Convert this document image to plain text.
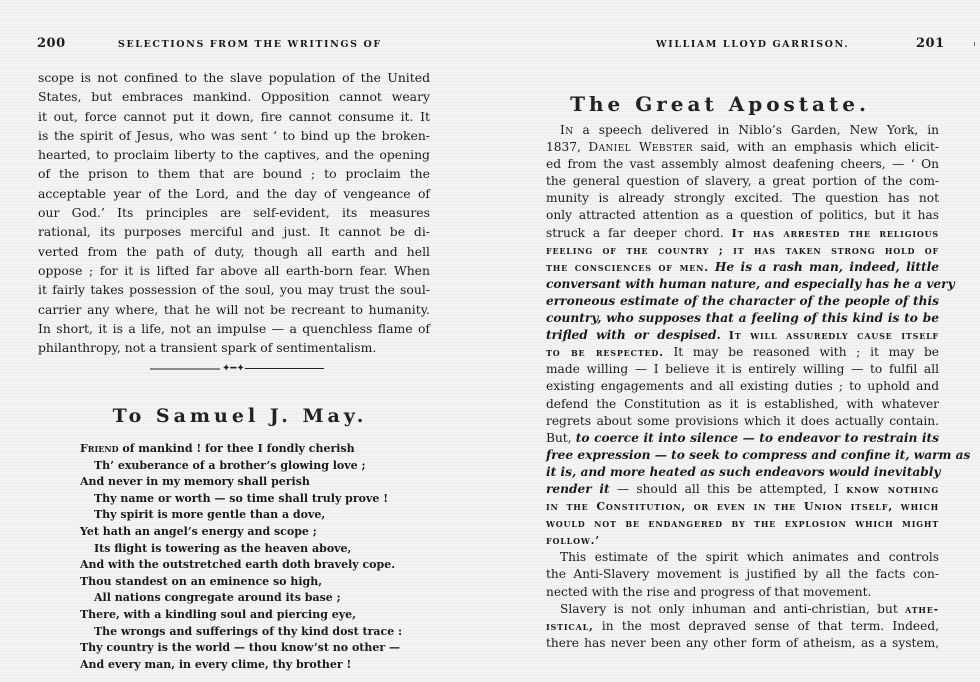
200	SELECTIONS FROM THE WRITINGS OF
scope is not confined to the slave population of the United
States, but embraces mankind. Opposition cannot weary
it out, force cannot put it down, fire cannot consume it. It
is the spirit of Jesus, who was sent ‘ to bind up the broken-
hearted, to proclaim liberty to the captives, and the opening
of the prison to them that are bound ; to proclaim the
acceptable year of the Lord, and the day of vengeance of
our God.’ Its principles are self-evident, its measures
rational, its purposes merciful and just. It cannot be di-
verted from the path of duty, though all earth and hell
oppose ; for it is lifted far above all earth-born fear. When
it fairly takes possession of the soul, you may trust the soul-
carrier any where, that he will not be recreant to humanity.
In short, it is a life, not an impulse — a quenchless flame of
philanthropy, not a transient spark of sentimentalism.
✦━✦
To Samuel J. May.
Friend of mankind ! for thee I fondly cherish
Th’ exuberance of a brother’s glowing love ;
And never in my memory shall perish
Thy name or worth — so time shall truly prove !
Thy spirit is more gentle than a dove,
Yet hath an angel’s energy and scope ;
Its flight is towering as the heaven above,
And with the outstretched earth doth bravely cope.
Thou standest on an eminence so high,
All nations congregate around its base ;
There, with a kindling soul and piercing eye,
The wrongs and sufferings of thy kind dost trace :
Thy country is the world — thou know’st no other —
And every man, in every clime, thy brother !
WILLIAM LLOYD GARRISON.	201
The Great Apostate.
In a speech delivered in Niblo’s Garden, New York, in
1837, Daniel Webster said, with an emphasis which elicit-
ed from the vast assembly almost deafening cheers, — ‘ On
the general question of slavery, a great portion of the com-
munity is already strongly excited. The question has not
only attracted attention as a question of politics, but it has
struck a far deeper chord. It has arrested the religious
feeling of the country ; it has taken strong hold of
the consciences of men. He is a rash man, indeed, little
conversant with human nature, and especially has he a very
erroneous estimate of the character of the people of this
country, who supposes that a feeling of this kind is to be
trifled with or despised. It will assuredly cause itself
to be respected. It may be reasoned with ; it may be
made willing — I believe it is entirely willing — to fulfil all
existing engagements and all existing duties ; to uphold and
defend the Constitution as it is established, with whatever
regrets about some provisions which it does actually contain.
But, to coerce it into silence — to endeavor to restrain its
free expression — to seek to compress and confine it, warm as
it is, and more heated as such endeavors would inevitably
render it — should all this be attempted, I know nothing
in the Constitution, or even in the Union itself, which
would not be endangered by the explosion which might
follow.’
This estimate of the spirit which animates and controls
the Anti-Slavery movement is justified by all the facts con-
nected with the rise and progress of that movement.
Slavery is not only inhuman and anti-christian, but athe-
istical, in the most depraved sense of that term. Indeed,
there has never been any other form of atheism, as a system,
